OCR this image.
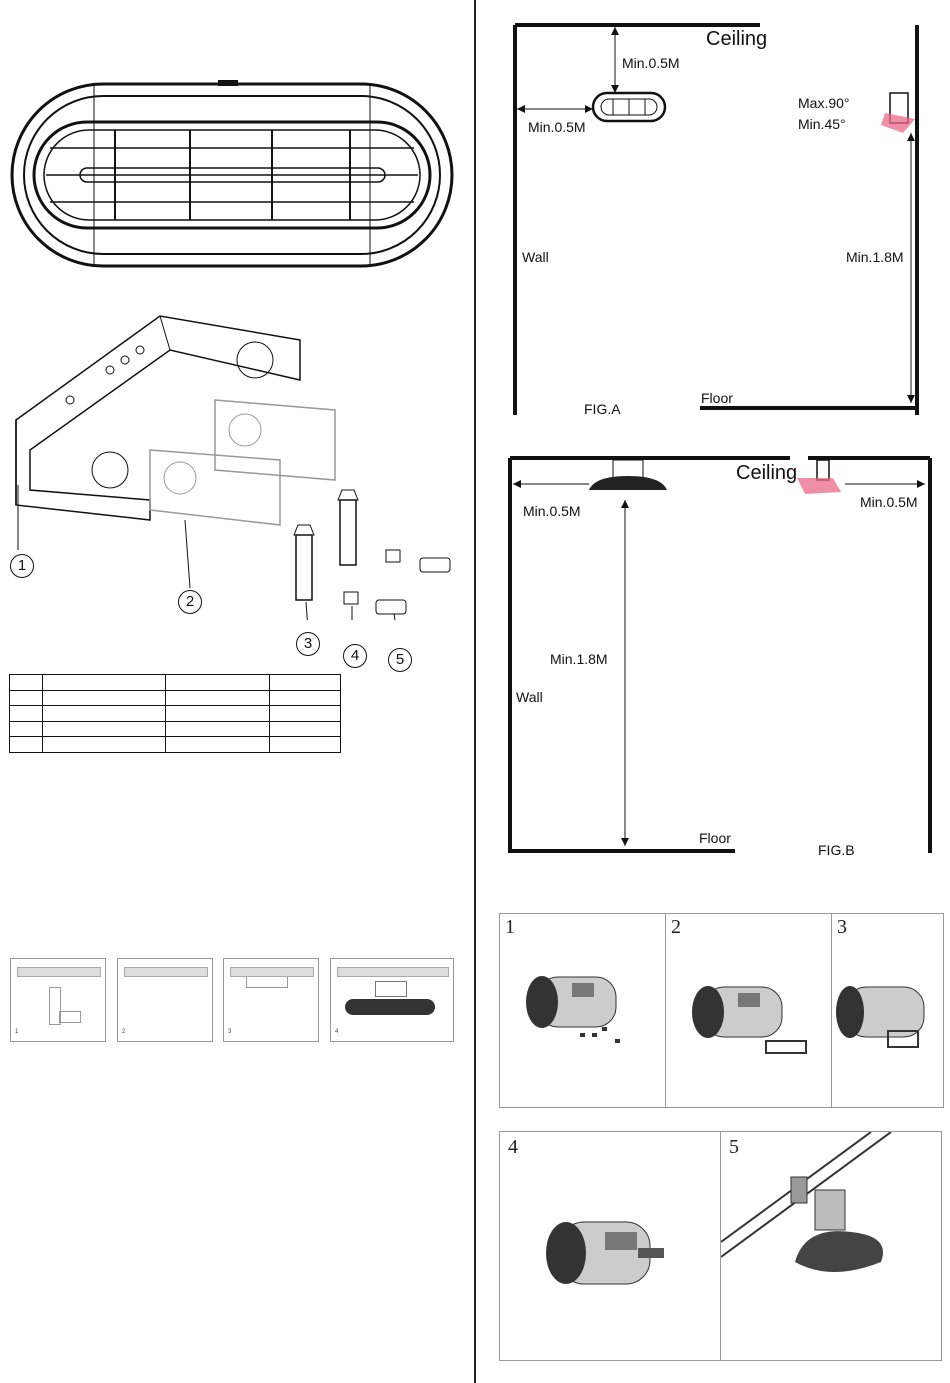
1
2
3
4	5

1	2	3	4
Ceiling
Min.0.5M
Min.0.5M
Max.90°
Min.45°
Wall	Min.1.8M
Floor
FIG.A
Ceiling
Min.0.5M
Min.0.5M
Min.1.8M
Wall
Floor
FIG.B
1	2	3
4	5
